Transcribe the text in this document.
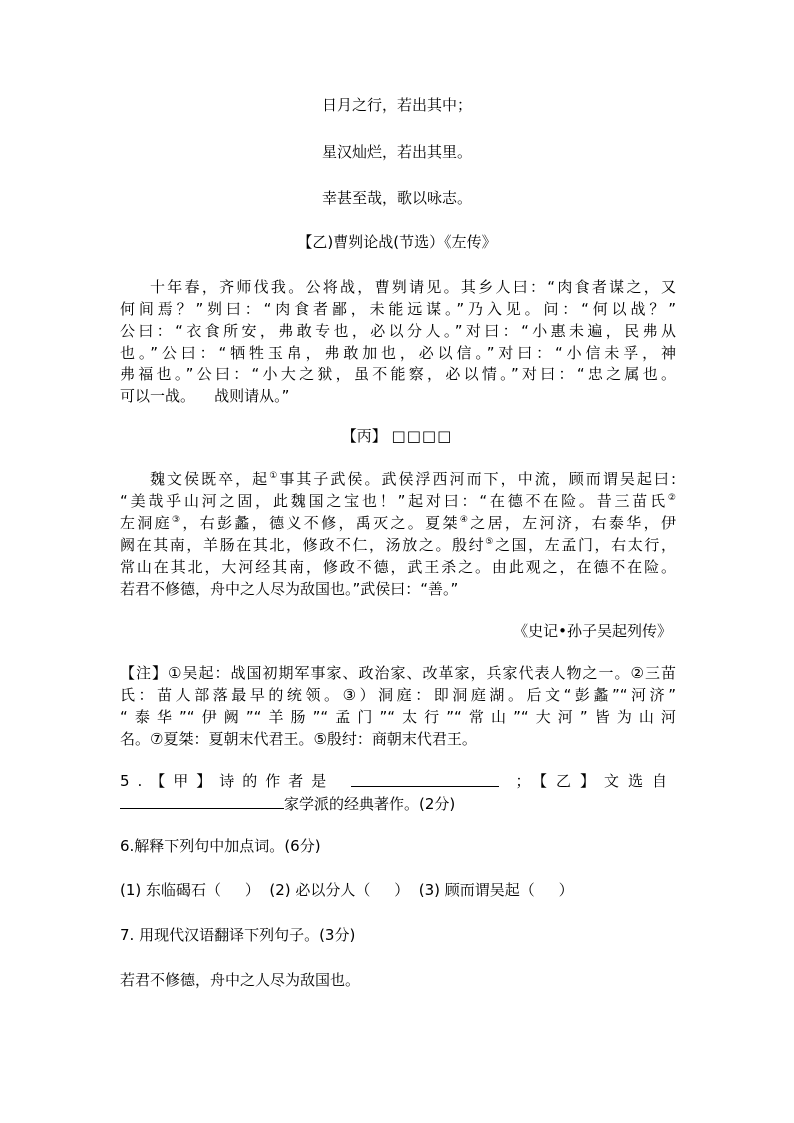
日月之行，若出其中；
星汉灿烂，若出其里。
幸甚至哉，歌以咏志。
【乙)曹刿论战(节选）《左传》
十年春，齐师伐我。公将战，曹刿请见。其乡人曰：“肉食者谋之，又
何间焉？”刿曰：“肉食者鄙，未能远谋。”乃入见。问：“何以战？”
公曰：“衣食所安，弗敢专也，必以分人。”对曰：“小惠未遍，民弗从
也。”公曰：“牺牲玉帛，弗敢加也，必以信。”对曰：“小信未孚，神
弗福也。”公曰：“小大之狱，虽不能察，必以情。”对曰：“忠之属也。
可以一战。    战则请从。”
【丙】 □□□□
魏文侯既卒，起①事其子武侯。武侯浮西河而下，中流，顾而谓吴起曰:
“美哉乎山河之固，此魏国之宝也！”起对曰：“在德不在险。昔三苗氏②
左洞庭③，右彭蠡，德义不修，禹灭之。夏桀④之居，左河济，右泰华，伊
阙在其南，羊肠在其北，修政不仁，汤放之。殷纣⑤之国，左孟门，右太行，
常山在其北，大河经其南，修政不德，武王杀之。由此观之，在德不在险。
若君不修德，舟中之人尽为敌国也。”武侯曰：“善。”
《史记•孙子吴起列传》
【注】①吴起：战国初期军事家、政治家、改革家，兵家代表人物之一。②三苗
氏：苗人部落最早的统领。③）洞庭：即洞庭湖。后文“彭蠡”“河济”
“泰华”“伊阙”“羊肠”“孟门”“太行”“常山”“大河”皆为山河
名。⑦夏桀：夏朝末代君王。⑤殷纣：商朝末代君王。
5.【甲】诗的作者是	；【乙】文选自
家学派的经典著作。(2分)
6.解释下列句中加点词。(6分)
(1) 东临碣石（     ）  (2) 必以分人（     ）  (3) 顾而谓吴起（     ）
7. 用现代汉语翻译下列句子。(3分)
若君不修德，舟中之人尽为敌国也。
